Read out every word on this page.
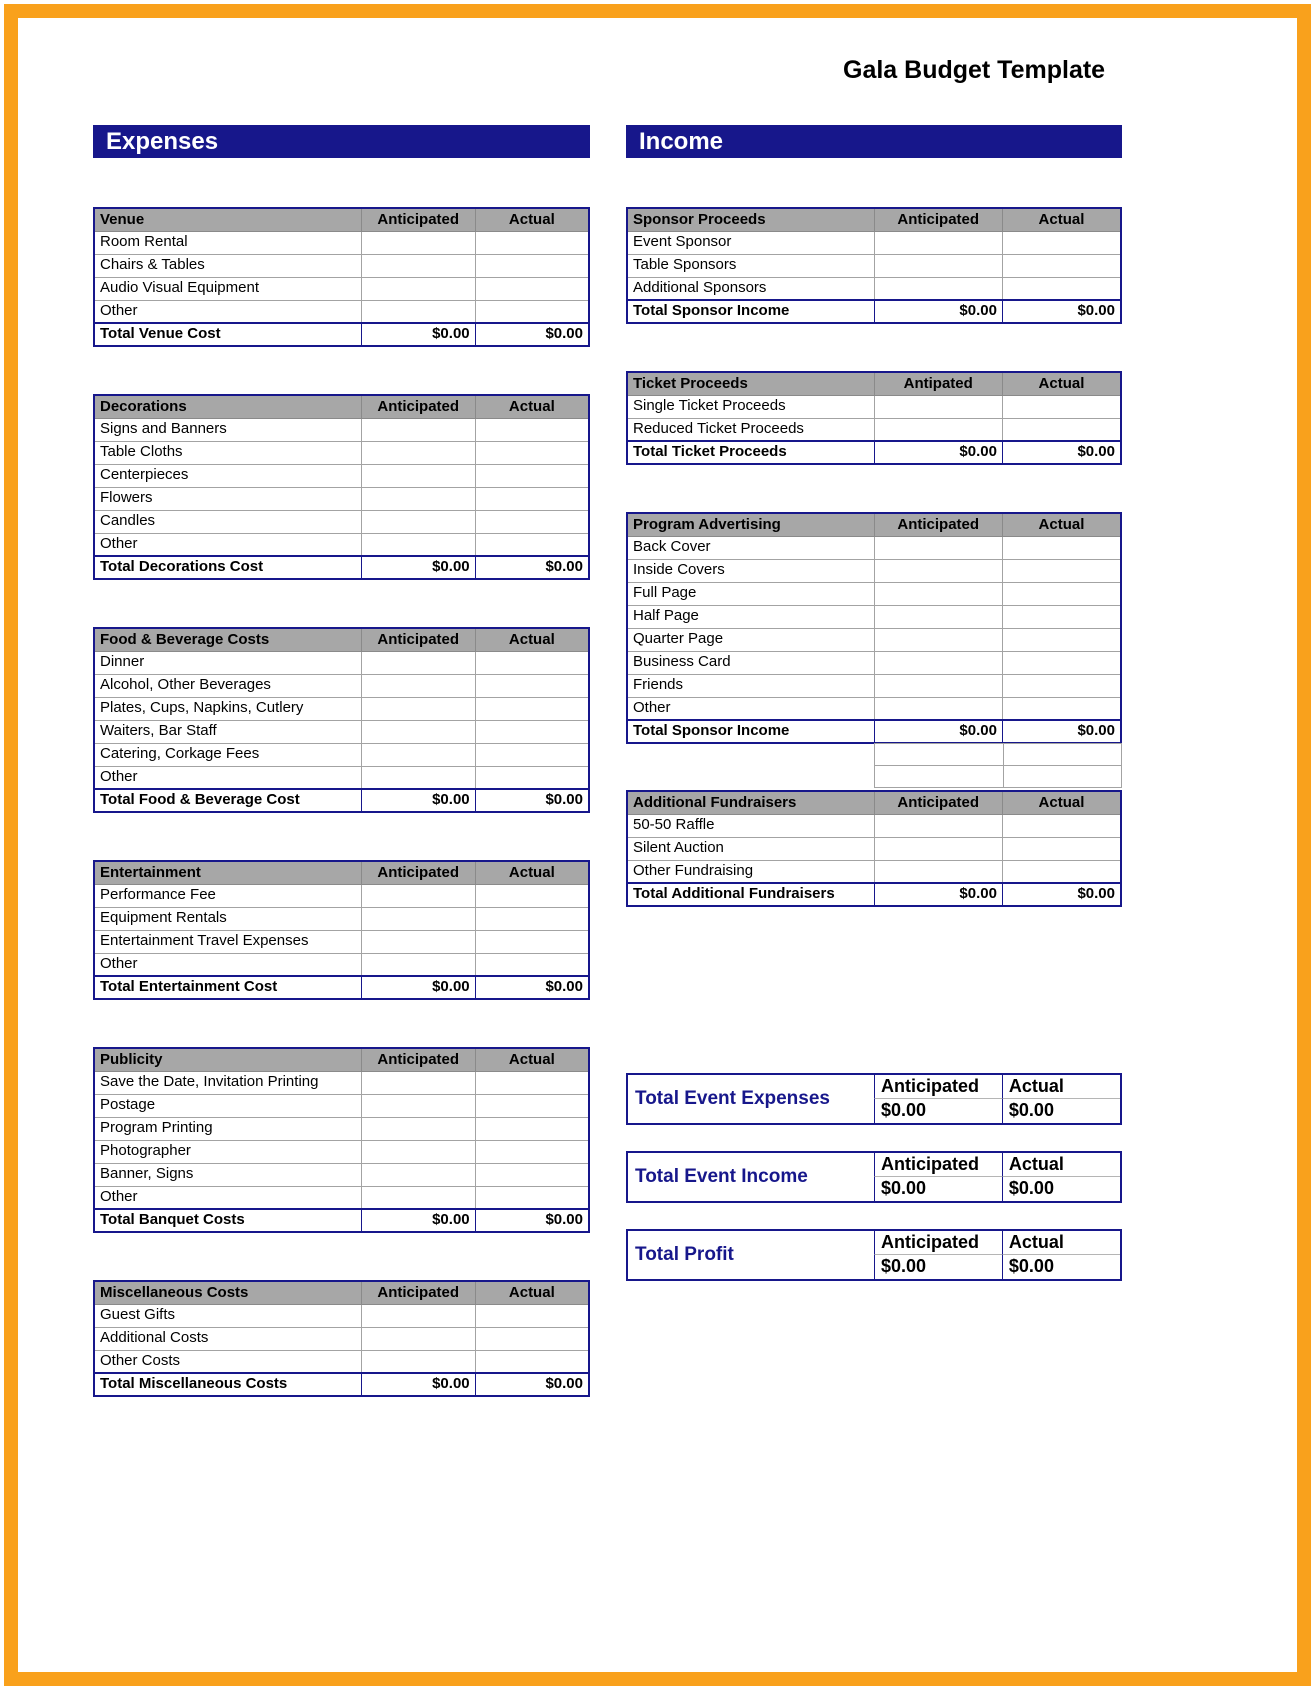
Gala Budget Template
Expenses	Income
Venue	Anticipated	Actual
Room Rental		
Chairs & Tables		
Audio Visual Equipment		
Other		
Total Venue Cost	$0.00	$0.00
Decorations	Anticipated	Actual
Signs and Banners		
Table Cloths		
Centerpieces		
Flowers		
Candles		
Other		
Total Decorations Cost	$0.00	$0.00
Food & Beverage Costs	Anticipated	Actual
Dinner		
Alcohol, Other Beverages		
Plates, Cups, Napkins, Cutlery		
Waiters, Bar Staff		
Catering, Corkage Fees		
Other		
Total Food & Beverage Cost	$0.00	$0.00
Entertainment	Anticipated	Actual
Performance Fee		
Equipment Rentals		
Entertainment Travel Expenses		
Other		
Total Entertainment Cost	$0.00	$0.00
Publicity	Anticipated	Actual
Save the Date, Invitation Printing		
Postage		
Program Printing		
Photographer		
Banner, Signs		
Other		
Total Banquet Costs	$0.00	$0.00
Miscellaneous Costs	Anticipated	Actual
Guest Gifts		
Additional Costs		
Other Costs		
Total Miscellaneous Costs	$0.00	$0.00
Sponsor Proceeds	Anticipated	Actual
Event Sponsor		
Table Sponsors		
Additional Sponsors		
Total Sponsor Income	$0.00	$0.00
Ticket Proceeds	Antipated	Actual
Single Ticket Proceeds		
Reduced Ticket Proceeds		
Total Ticket Proceeds	$0.00	$0.00
Program Advertising	Anticipated	Actual
Back Cover		
Inside Covers		
Full Page		
Half Page		
Quarter Page		
Business Card		
Friends		
Other		
Total Sponsor Income	$0.00	$0.00
Additional Fundraisers	Anticipated	Actual
50-50 Raffle		
Silent Auction		
Other Fundraising		
Total Additional Fundraisers	$0.00	$0.00
Total Event Expenses
Anticipated	Actual
$0.00	$0.00
Total Event Income
Anticipated	Actual
$0.00	$0.00
Total Profit
Anticipated	Actual
$0.00	$0.00
